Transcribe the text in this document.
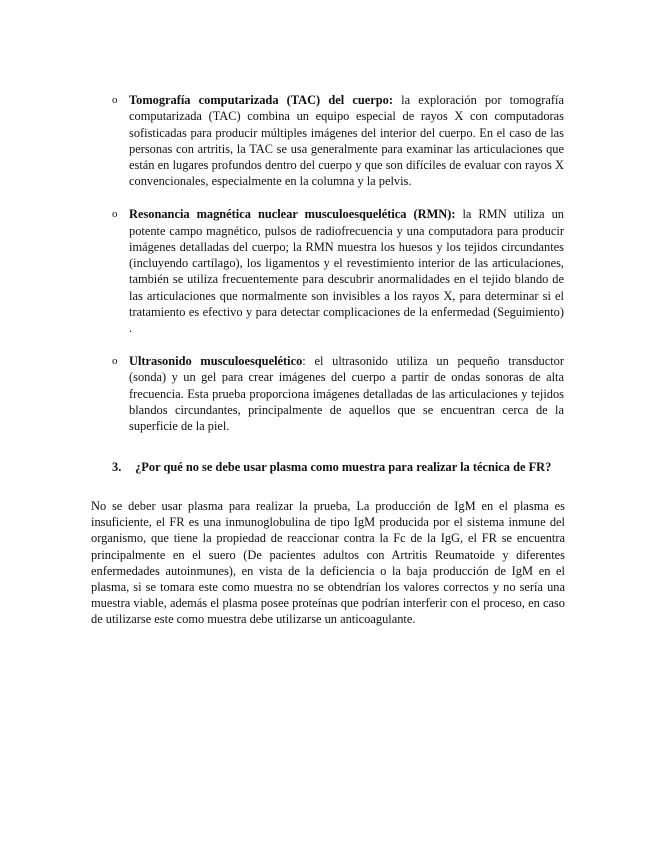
o Tomografía computarizada (TAC) del cuerpo: la exploración por tomografía computarizada (TAC) combina un equipo especial de rayos X con computadoras sofisticadas para producir múltiples imágenes del interior del cuerpo. En el caso de las personas con artritis, la TAC se usa generalmente para examinar las articulaciones que están en lugares profundos dentro del cuerpo y que son difíciles de evaluar con rayos X convencionales, especialmente en la columna y la pelvis.
o Resonancia magnética nuclear musculoesquelética (RMN): la RMN utiliza un potente campo magnético, pulsos de radiofrecuencia y una computadora para producir imágenes detalladas del cuerpo; la RMN muestra los huesos y los tejidos circundantes (incluyendo cartílago), los ligamentos y el revestimiento interior de las articulaciones, también se utiliza frecuentemente para descubrir anormalidades en el tejido blando de las articulaciones que normalmente son invisibles a los rayos X, para determinar si el tratamiento es efectivo y para detectar complicaciones de la enfermedad (Seguimiento) .
o Ultrasonido musculoesquelético: el ultrasonido utiliza un pequeño transductor (sonda) y un gel para crear imágenes del cuerpo a partir de ondas sonoras de alta frecuencia. Esta prueba proporciona imágenes detalladas de las articulaciones y tejidos blandos circundantes, principalmente de aquellos que se encuentran cerca de la superficie de la piel.
3. ¿Por qué no se debe usar plasma como muestra para realizar la técnica de FR?

No se deber usar plasma para realizar la prueba, La producción de IgM en el plasma es insuficiente, el FR es una inmunoglobulina de tipo IgM producida por el sistema inmune del organismo, que tiene la propiedad de reaccionar contra la Fc de la IgG, el FR se encuentra principalmente en el suero (De pacientes adultos con Artritis Reumatoide y diferentes enfermedades autoinmunes), en vista de la deficiencia o la baja producción de IgM en el plasma, si se tomara este como muestra no se obtendrían los valores correctos y no sería una muestra viable, además el plasma posee proteínas que podrían interferir con el proceso, en caso de utilizarse este como muestra debe utilizarse un anticoagulante.
